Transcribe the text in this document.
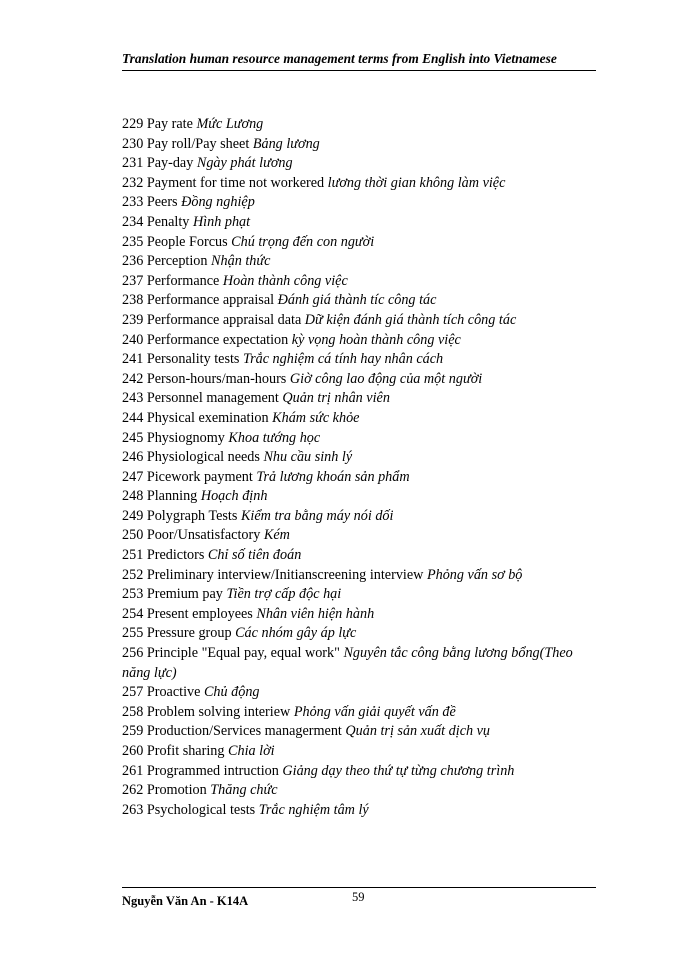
Translation human resource management terms from English into Vietnamese
229 Pay rate Mức Lương
230 Pay roll/Pay sheet Bảng lương
231 Pay-day Ngày phát lương
232 Payment for time not workered lương thời gian không làm việc
233 Peers Đồng nghiệp
234 Penalty Hình phạt
235 People Forcus Chú trọng đến con người
236 Perception Nhận thức
237 Performance Hoàn thành công việc
238 Performance appraisal Đánh giá thành tíc công tác
239 Performance appraisal data Dữ kiện đánh giá thành tích công tác
240 Performance expectation kỳ vọng hoàn thành công việc
241 Personality tests Trắc nghiệm cá tính hay nhân cách
242 Person-hours/man-hours Giờ công lao động của một người
243 Personnel management Quản trị nhân viên
244 Physical exemination Khám sức khỏe
245 Physiognomy Khoa tướng học
246 Physiological needs Nhu cầu sinh lý
247 Picework payment Trả lương khoán sản phẩm
248 Planning Hoạch định
249 Polygraph Tests Kiểm tra bằng máy nói dối
250 Poor/Unsatisfactory Kém
251 Predictors Chỉ số tiên đoán
252 Preliminary interview/Initianscreening interview Phỏng vấn sơ bộ
253 Premium pay Tiền trợ cấp độc hại
254 Present employees Nhân viên hiện hành
255 Pressure group Các nhóm gây áp lực
256 Principle "Equal pay, equal work" Nguyên tắc công bằng lương bổng(Theo năng lực)
257 Proactive Chủ động
258 Problem solving interiew Phỏng vấn giải quyết vấn đề
259 Production/Services managerment Quản trị sản xuất dịch vụ
260 Profit sharing Chia lời
261 Programmed intruction Giảng dạy theo thứ tự từng chương trình
262 Promotion Thăng chức
263 Psychological tests Trắc nghiệm tâm lý
Nguyễn Văn An - K14A	59
